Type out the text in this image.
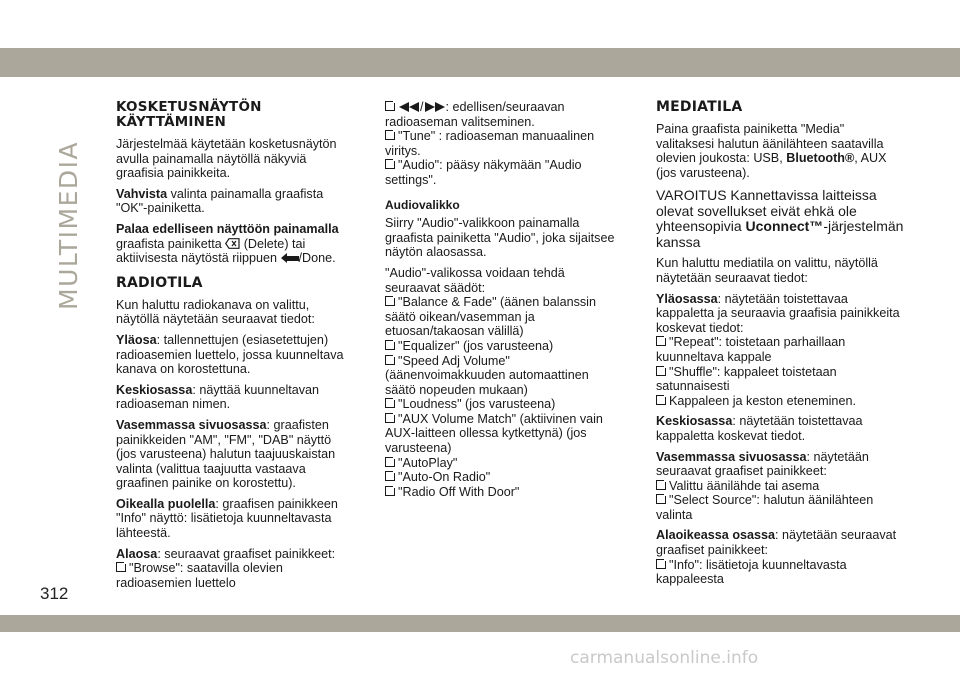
MULTIMEDIA
KOSKETUSNÄYTÖN KÄYTTÄMINEN

Järjestelmää käytetään kosketusnäytön avulla painamalla näytöllä näkyviä graafisia painikkeita.

Vahvista valinta painamalla graafista "OK"-painiketta.

Palaa edelliseen näyttöön painamalla graafista painiketta  (Delete) tai aktiivisesta näytöstä riippuen /Done.

RADIOTILA

Kun haluttu radiokanava on valittu, näytöllä näytetään seuraavat tiedot:

Yläosa: tallennettujen (esiasetettujen) radioasemien luettelo, jossa kuunneltava kanava on korostettuna.

Keskiosassa: näyttää kuunneltavan radioaseman nimen.

Vasemmassa sivuosassa: graafisten painikkeiden "AM", "FM", "DAB" näyttö (jos varusteena) halutun taajuuskaistan valinta (valittua taajuutta vastaava graafinen painike on korostettu).

Oikealla puolella: graafisen painikkeen "Info" näyttö: lisätietoja kuunneltavasta lähteestä.

Alaosa: seuraavat graafiset painikkeet:

"Browse": saatavilla olevien radioasemien luettelo
/ : edellisen/seuraavan radioaseman valitseminen.
"Tune" : radioaseman manuaalinen viritys.
"Audio": pääsy näkymään "Audio settings".
Audiovalikko

Siirry "Audio"-valikkoon painamalla graafista painiketta "Audio", joka sijaitsee näytön alaosassa.

"Audio"-valikossa voidaan tehdä seuraavat säädöt:

"Balance & Fade" (äänen balanssin säätö oikean/vasemman ja etuosan/takaosan välillä)
"Equalizer" (jos varusteena)
"Speed Adj Volume" (äänenvoimakkuuden automaattinen säätö nopeuden mukaan)
"Loudness" (jos varusteena)
"AUX Volume Match" (aktiivinen vain AUX-laitteen ollessa kytkettynä) (jos varusteena)
"AutoPlay"
"Auto-On Radio"
"Radio Off With Door"
MEDIATILA

Paina graafista painiketta "Media" valitaksesi halutun äänilähteen saatavilla olevien joukosta: USB, Bluetooth®, AUX (jos varusteena).

VAROITUS Kannettavissa laitteissa olevat sovellukset eivät ehkä ole yhteensopivia Uconnect™-järjestelmän kanssa

Kun haluttu mediatila on valittu, näytöllä näytetään seuraavat tiedot:

Yläosassa: näytetään toistettavaa kappaletta ja seuraavia graafisia painikkeita koskevat tiedot:

"Repeat": toistetaan parhaillaan kuunneltava kappale
"Shuffle": kappaleet toistetaan satunnaisesti
Kappaleen ja keston eteneminen.

Keskiosassa: näytetään toistettavaa kappaletta koskevat tiedot.

Vasemmassa sivuosassa: näytetään seuraavat graafiset painikkeet:

Valittu äänilähde tai asema
"Select Source": halutun äänilähteen valinta

Alaoikeassa osassa: näytetään seuraavat graafiset painikkeet:

"Info": lisätietoja kuunneltavasta kappaleesta
312
carmanualsonline.info
